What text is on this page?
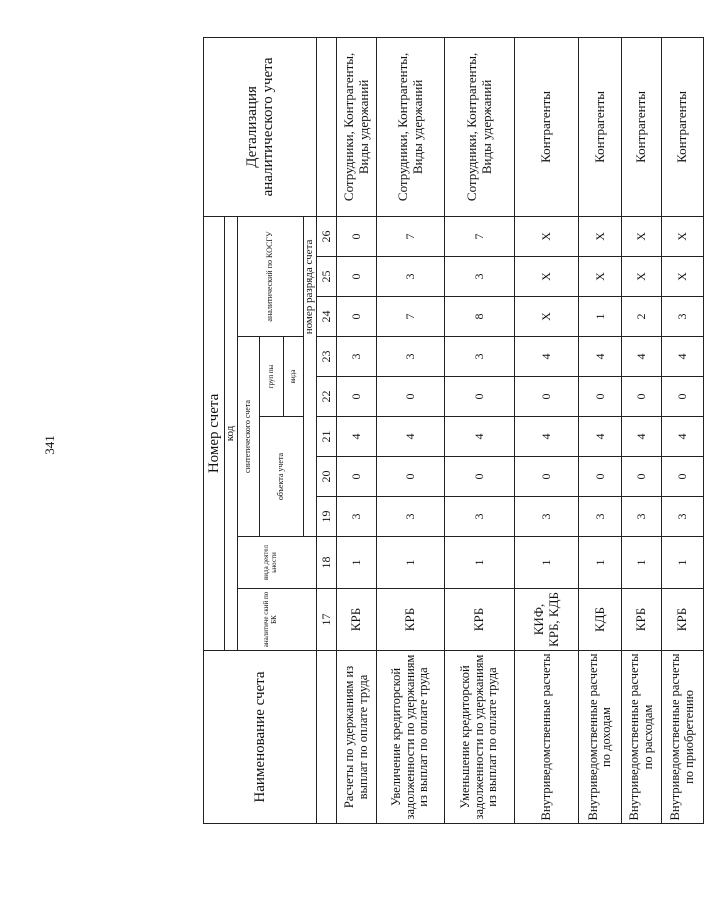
341
Наименование счета	Номер счета										Детализация аналитического учета
	код										
	аналитиче ский по БК	вида деятел ьности	синтетического счета					аналитический по КОСГУ			
			объекта учета			груп пы					
						вида					
			номер разряда счета								
	17	18	19	20	21	22	23	24	25	26	
Расчеты по удержаниям из выплат по оплате труда	КРБ	1	3	0	4	0	3	0	0	0	Сотрудники, Контрагенты, Виды удержаний
Увеличение кредиторской задолженности по удержаниям из выплат по оплате труда	КРБ	1	3	0	4	0	3	7	3	7	Сотрудники, Контрагенты, Виды удержаний
Уменьшение кредиторской задолженности по удержаниям из выплат по оплате труда	КРБ	1	3	0	4	0	3	8	3	7	Сотрудники, Контрагенты, Виды удержаний
Внутриведомственные расчеты	КИФ, КРБ, КДБ	1	3	0	4	0	4	Х	Х	Х	Контрагенты
Внутриведомственные расчеты по доходам	КДБ	1	3	0	4	0	4	1	Х	Х	Контрагенты
Внутриведомственные расчеты по расходам	КРБ	1	3	0	4	0	4	2	Х	Х	Контрагенты
Внутриведомственные расчеты по приобретению	КРБ	1	3	0	4	0	4	3	Х	Х	Контрагенты
